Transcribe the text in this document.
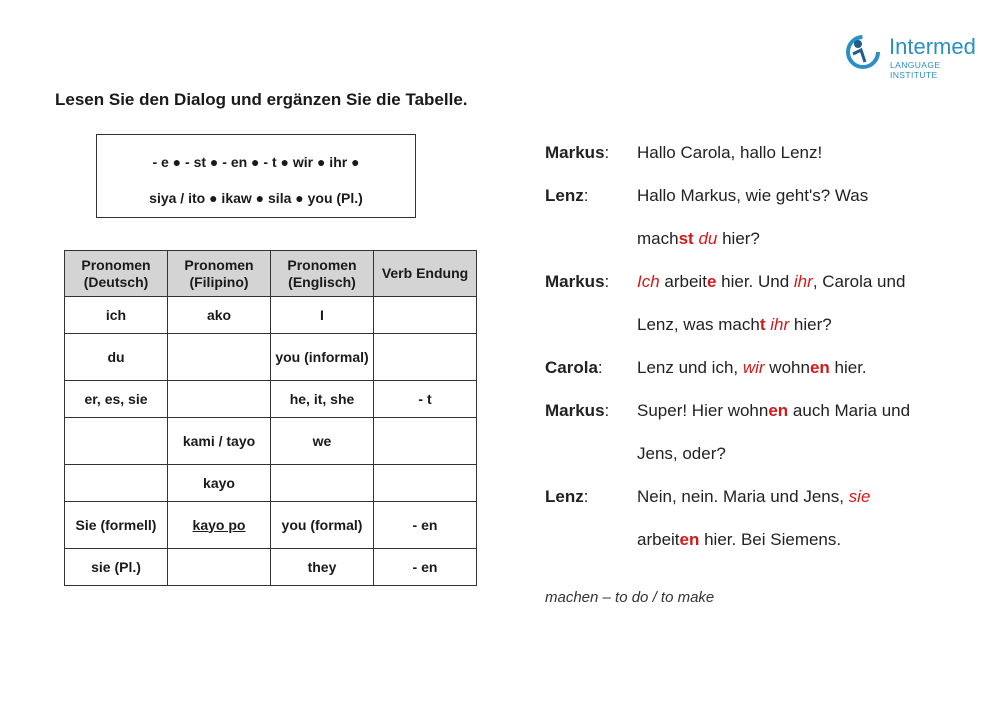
Intermed
LANGUAGE INSTITUTE
Lesen Sie den Dialog und ergänzen Sie die Tabelle.
- e ● - st ● - en ● - t ● wir ● ihr ●
siya / ito ● ikaw ● sila ● you (Pl.)
Pronomen (Deutsch)	Pronomen (Filipino)	Pronomen (Englisch)	Verb Endung
ich	ako	I	
du		you (informal)	
er, es, sie		he, it, she	- t
	kami / tayo	we	
	kayo		
Sie (formell)	kayo po	you (formal)	- en
sie (Pl.)		they	- en
Markus:	Hallo Carola, hallo Lenz!
Lenz:	Hallo Markus, wie geht's? Was
machst du hier?
Markus:	Ich arbeite hier. Und ihr, Carola und
Lenz, was macht ihr hier?
Carola:	Lenz und ich, wir wohnen hier.
Markus:	Super! Hier wohnen auch Maria und
Jens, oder?
Lenz:	Nein, nein. Maria und Jens, sie
arbeiten hier. Bei Siemens.
machen – to do / to make
